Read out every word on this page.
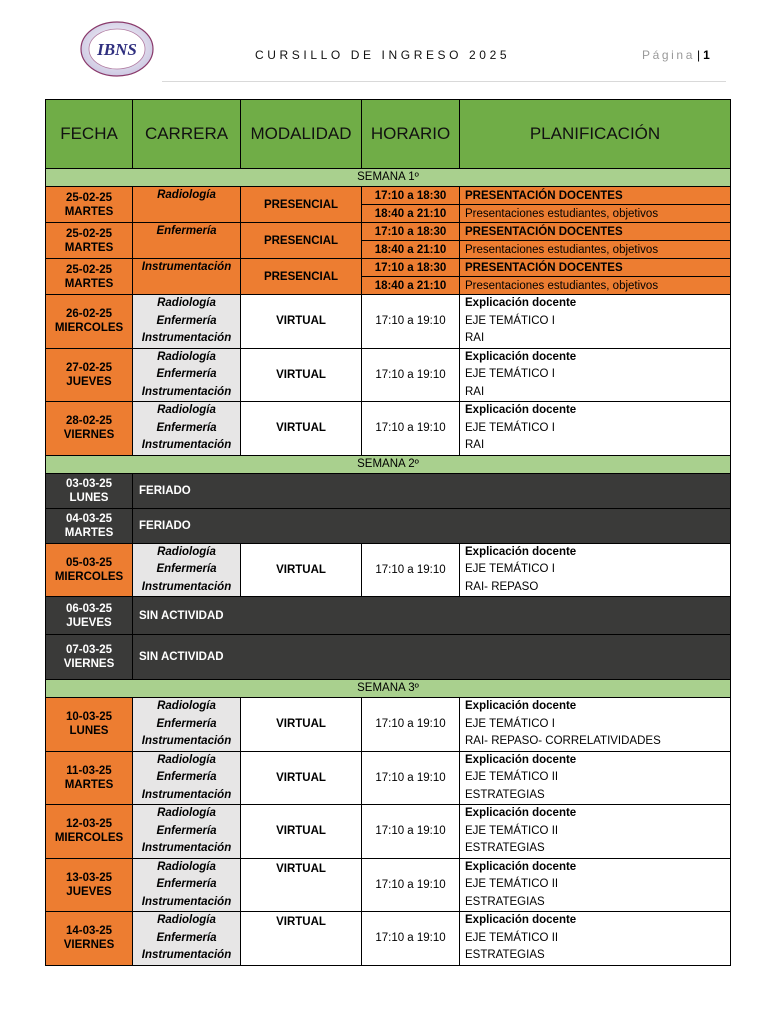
IBNS	CURSILLO DE INGRESO 2025	Página | 1
FECHA	CARRERA	MODALIDAD	HORARIO	PLANIFICACIÓN
SEMANA 1º				
25-02-25
MARTES	Radiología	PRESENCIAL	17:10 a 18:30	PRESENTACIÓN DOCENTES
			18:40 a 21:10	Presentaciones estudiantes, objetivos
25-02-25
MARTES	Enfermería	PRESENCIAL	17:10 a 18:30	PRESENTACIÓN DOCENTES
			18:40 a 21:10	Presentaciones estudiantes, objetivos
25-02-25
MARTES	Instrumentación	PRESENCIAL	17:10 a 18:30	PRESENTACIÓN DOCENTES
			18:40 a 21:10	Presentaciones estudiantes, objetivos
26-02-25
MIERCOLES	Radiología
Enfermería
Instrumentación	VIRTUAL	17:10 a 19:10	Explicación docente
EJE TEMÁTICO I
RAI
27-02-25
JUEVES	Radiología
Enfermería
Instrumentación	VIRTUAL	17:10 a 19:10	Explicación docente
EJE TEMÁTICO I
RAI
28-02-25
VIERNES	Radiología
Enfermería
Instrumentación	VIRTUAL	17:10 a 19:10	Explicación docente
EJE TEMÁTICO I
RAI
SEMANA 2º				
03-03-25
LUNES	FERIADO			
04-03-25
MARTES	FERIADO			
05-03-25
MIERCOLES	Radiología
Enfermería
Instrumentación	VIRTUAL	17:10 a 19:10	Explicación docente
EJE TEMÁTICO I
RAI- REPASO
06-03-25
JUEVES	SIN ACTIVIDAD			
07-03-25
VIERNES	SIN ACTIVIDAD			
SEMANA 3º				
10-03-25
LUNES	Radiología
Enfermería
Instrumentación	VIRTUAL	17:10 a 19:10	Explicación docente
EJE TEMÁTICO I
RAI- REPASO- CORRELATIVIDADES
11-03-25
MARTES	Radiología
Enfermería
Instrumentación	VIRTUAL	17:10 a 19:10	Explicación docente
EJE TEMÁTICO II
ESTRATEGIAS
12-03-25
MIERCOLES	Radiología
Enfermería
Instrumentación	VIRTUAL	17:10 a 19:10	Explicación docente
EJE TEMÁTICO II
ESTRATEGIAS
13-03-25
JUEVES	Radiología
Enfermería
Instrumentación	VIRTUAL	17:10 a 19:10	Explicación docente
EJE TEMÁTICO II
ESTRATEGIAS
14-03-25
VIERNES	Radiología
Enfermería
Instrumentación	VIRTUAL	17:10 a 19:10	Explicación docente
EJE TEMÁTICO II
ESTRATEGIAS
